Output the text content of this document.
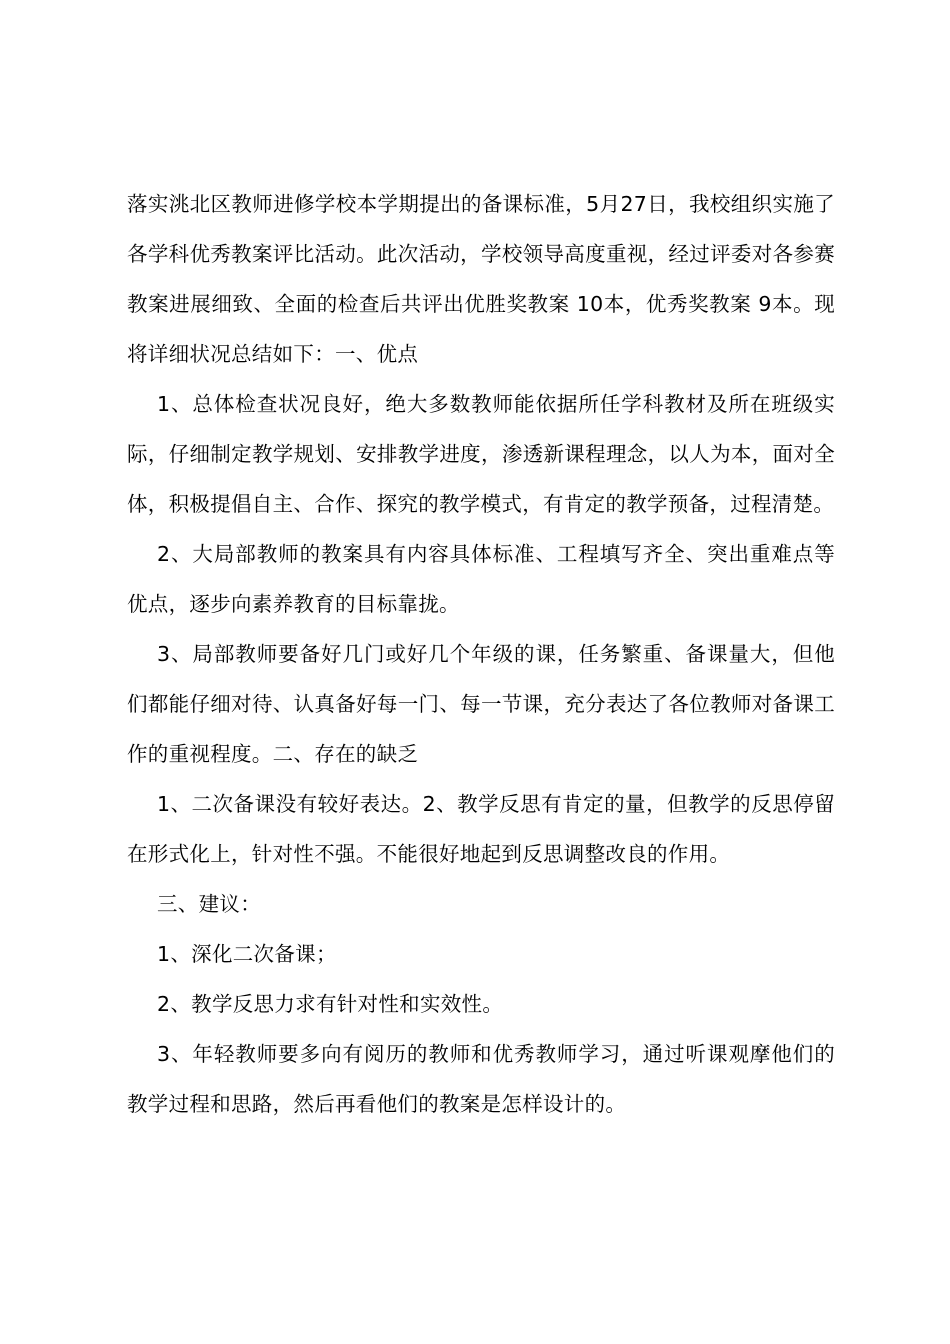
落实洮北区教师进修学校本学期提出的备课标准，5月27日，我校组织实施了各学科优秀教案评比活动。此次活动，学校领导高度重视，经过评委对各参赛教案进展细致、全面的检查后共评出优胜奖教案 10本，优秀奖教案 9本。现将详细状况总结如下：一、优点

1、总体检查状况良好，绝大多数教师能依据所任学科教材及所在班级实际，仔细制定教学规划、安排教学进度，渗透新课程理念，以人为本，面对全体，积极提倡自主、合作、探究的教学模式，有肯定的教学预备，过程清楚。

2、大局部教师的教案具有内容具体标准、工程填写齐全、突出重难点等优点，逐步向素养教育的目标靠拢。

3、局部教师要备好几门或好几个年级的课，任务繁重、备课量大，但他们都能仔细对待、认真备好每一门、每一节课，充分表达了各位教师对备课工作的重视程度。二、存在的缺乏

1、二次备课没有较好表达。2、教学反思有肯定的量，但教学的反思停留在形式化上，针对性不强。不能很好地起到反思调整改良的作用。

三、建议：

1、深化二次备课；

2、教学反思力求有针对性和实效性。

3、年轻教师要多向有阅历的教师和优秀教师学习，通过听课观摩他们的教学过程和思路，然后再看他们的教案是怎样设计的。
